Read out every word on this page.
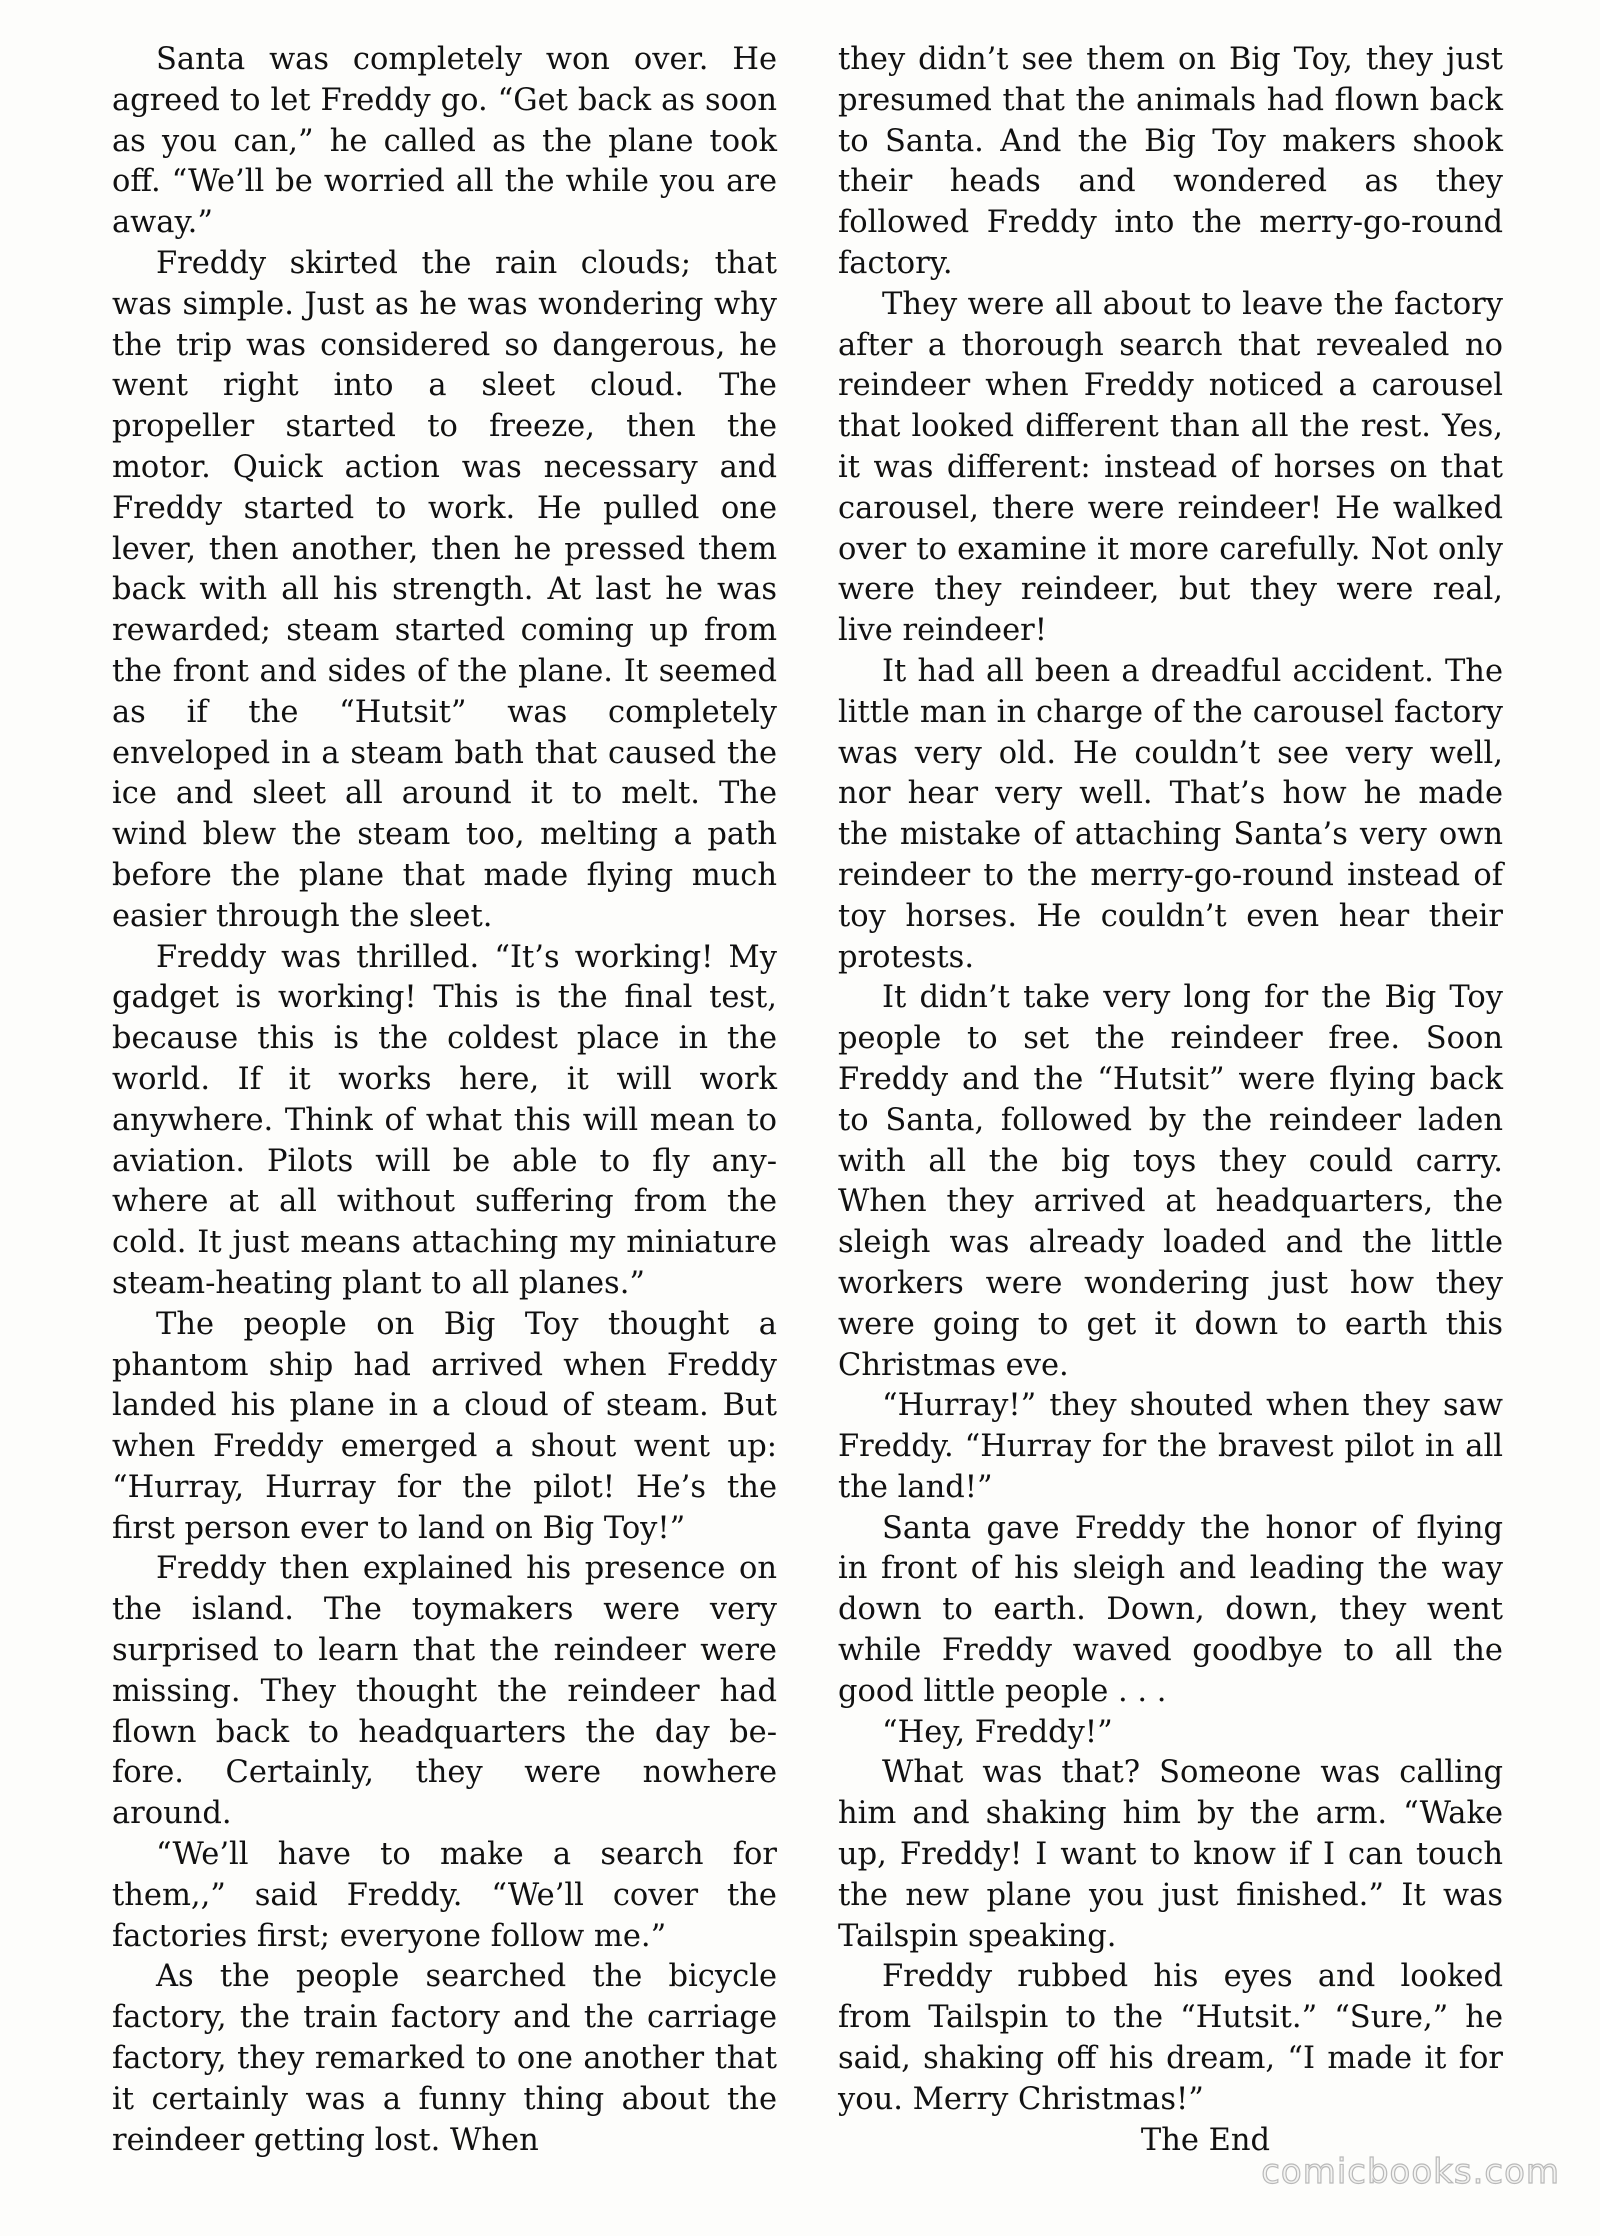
Santa was completely won over. He agreed to let Freddy go. “Get back as soon as you can,” he called as the plane took off. “We’ll be worried all the while you are away.”

Freddy skirted the rain clouds; that was simple. Just as he was wondering why the trip was considered so dangerous, he went right into a sleet cloud. The propeller started to freeze, then the motor. Quick action was necessary and Freddy started to work. He pulled one lever, then another, then he pressed them back with all his strength. At last he was rewarded; steam started coming up from the front and sides of the plane. It seemed as if the “Hutsit” was completely enveloped in a steam bath that caused the ice and sleet all around it to melt. The wind blew the steam too, melting a path before the plane that made flying much easier through the sleet.

Freddy was thrilled. “It’s working! My gadget is working! This is the final test, because this is the coldest place in the world. If it works here, it will work anywhere. Think of what this will mean to aviation. Pilots will be able to fly anywhere at all without suffering from the cold. It just means attaching my miniature steam-heating plant to all planes.”

The people on Big Toy thought a phantom ship had arrived when Freddy landed his plane in a cloud of steam. But when Freddy emerged a shout went up: “Hurray, Hurray for the pilot! He’s the first person ever to land on Big Toy!”

Freddy then explained his presence on the island. The toymakers were very surprised to learn that the reindeer were missing. They thought the reindeer had flown back to headquarters the day before. Certainly, they were nowhere around.

“We’ll have to make a search for them,,” said Freddy. “We’ll cover the factories first; everyone follow me.”

As the people searched the bicycle factory, the train factory and the carriage factory, they remarked to one another that it certainly was a funny thing about the reindeer getting lost. When

they didn’t see them on Big Toy, they just presumed that the animals had flown back to Santa. And the Big Toy makers shook their heads and wondered as they followed Freddy into the merry-go-round factory.

They were all about to leave the factory after a thorough search that revealed no reindeer when Freddy noticed a carousel that looked different than all the rest. Yes, it was different: instead of horses on that carousel, there were reindeer! He walked over to examine it more carefully. Not only were they reindeer, but they were real, live reindeer!

It had all been a dreadful accident. The little man in charge of the carousel factory was very old. He couldn’t see very well, nor hear very well. That’s how he made the mistake of attaching Santa’s very own reindeer to the merry-go-round instead of toy horses. He couldn’t even hear their protests.

It didn’t take very long for the Big Toy people to set the reindeer free. Soon Freddy and the “Hutsit” were flying back to Santa, followed by the reindeer laden with all the big toys they could carry. When they arrived at headquarters, the sleigh was already loaded and the little workers were wondering just how they were going to get it down to earth this Christmas eve.

“Hurray!” they shouted when they saw Freddy. “Hurray for the bravest pilot in all the land!”

Santa gave Freddy the honor of flying in front of his sleigh and leading the way down to earth. Down, down, they went while Freddy waved goodbye to all the good little people . . .

“Hey, Freddy!”

What was that? Someone was calling him and shaking him by the arm. “Wake up, Freddy! I want to know if I can touch the new plane you just finished.” It was Tailspin speaking.

Freddy rubbed his eyes and looked from Tailspin to the “Hutsit.” “Sure,” he said, shaking off his dream, “I made it for you. Merry Christmas!”

The End

comicbooks.com
